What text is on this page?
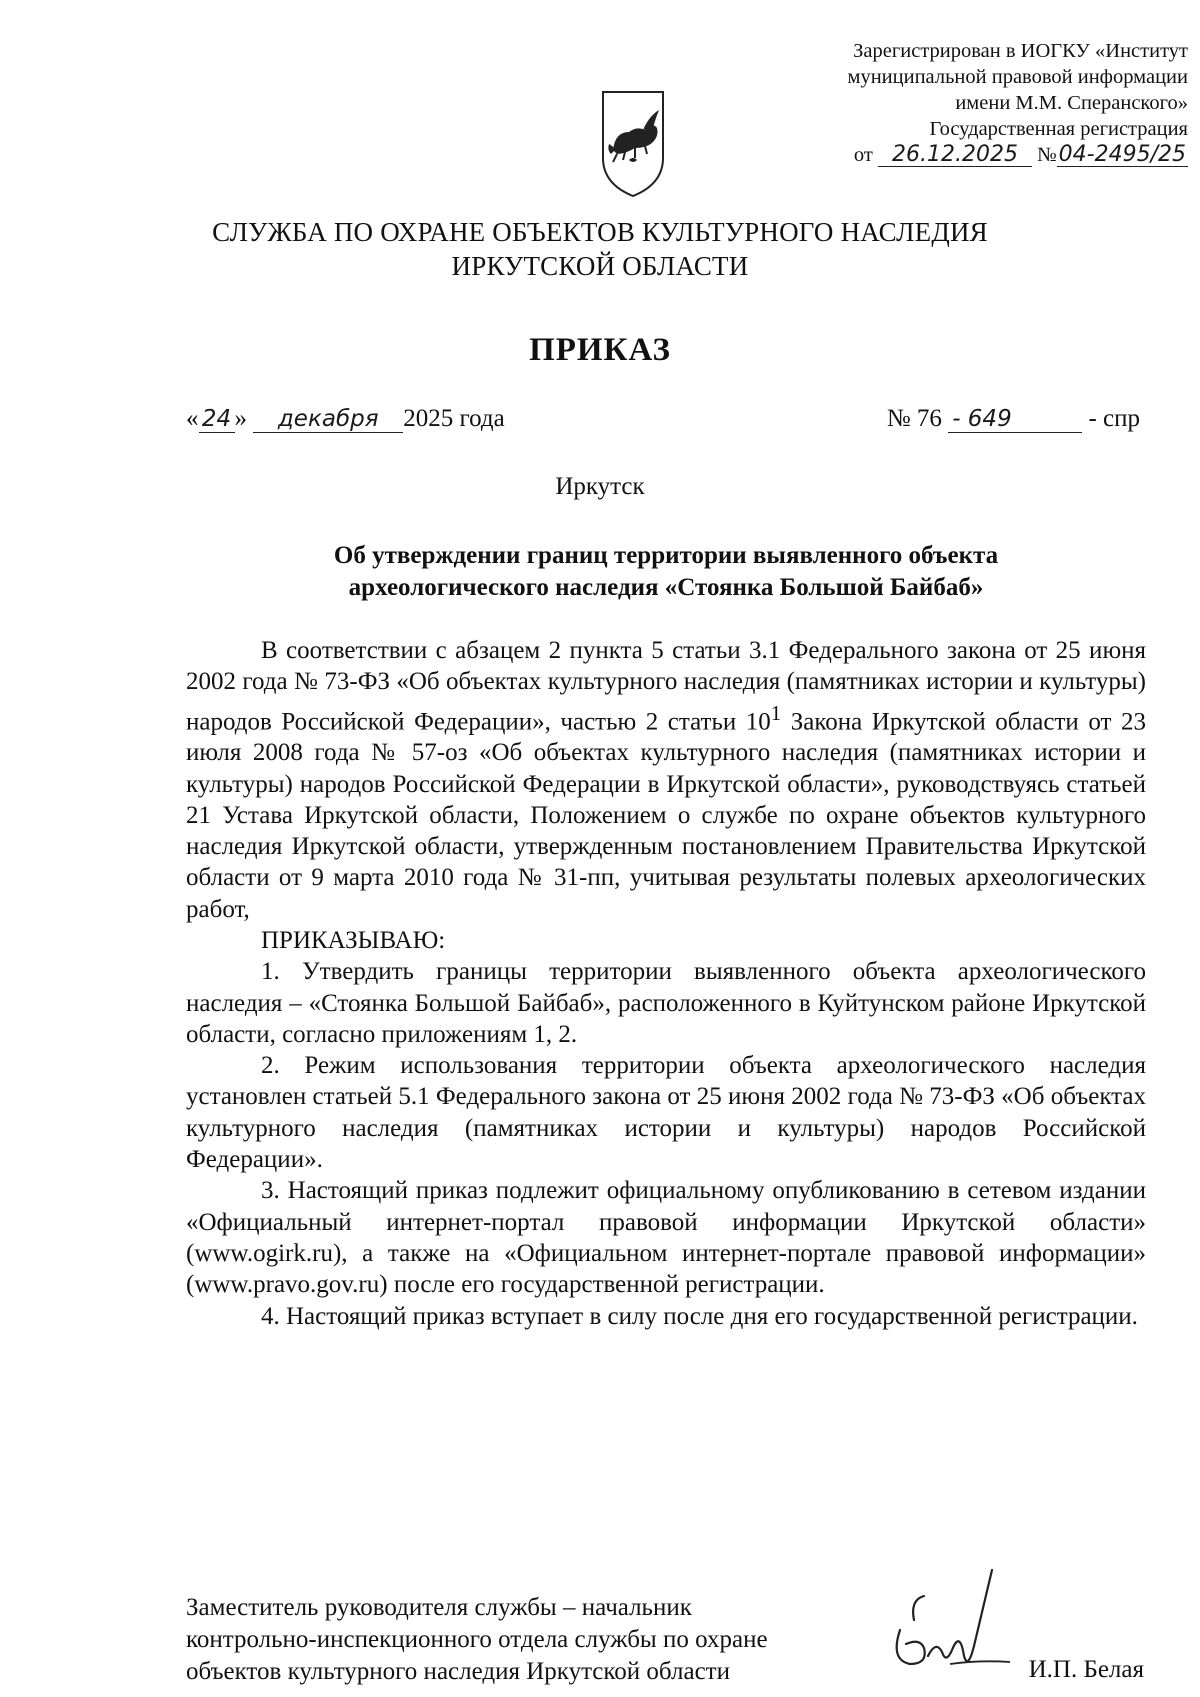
Зарегистрирован в ИОГКУ «Институт
муниципальной правовой информации
имени М.М. Сперанского»
Государственная регистрация
от 26.12.2025 №04-2495/25
СЛУЖБА ПО ОХРАНЕ ОБЪЕКТОВ КУЛЬТУРНОГО НАСЛЕДИЯ
ИРКУТСКОЙ ОБЛАСТИ
ПРИКАЗ
« 24 » декабря 2025 года	№ 76 - 649	- спр
Иркутск
Об утверждении границ территории выявленного объекта
археологического наследия «Стоянка Большой Байбаб»

В соответствии с абзацем 2 пункта 5 статьи 3.1 Федерального закона от 25 июня 2002 года № 73-ФЗ «Об объектах культурного наследия (памятниках истории и культуры) народов Российской Федерации», частью 2 статьи $10^1$ Закона Иркутской области от 23 июля 2008 года № 57-оз «Об объектах культурного наследия (памятниках истории и культуры) народов Российской Федерации в Иркутской области», руководствуясь статьей 21 Устава Иркутской области, Положением о службе по охране объектов культурного наследия Иркутской области, утвержденным постановлением Правительства Иркутской области от 9 марта 2010 года № 31-пп, учитывая результаты полевых археологических работ,

ПРИКАЗЫВАЮ:

1. Утвердить границы территории выявленного объекта археологического наследия – «Стоянка Большой Байбаб», расположенного в Куйтунском районе Иркутской области, согласно приложениям 1, 2.

2. Режим использования территории объекта археологического наследия установлен статьей 5.1 Федерального закона от 25 июня 2002 года № 73-ФЗ «Об объектах культурного наследия (памятниках истории и культуры) народов Российской Федерации».

3. Настоящий приказ подлежит официальному опубликованию в сетевом издании «Официальный интернет-портал правовой информации Иркутской области» (www.ogirk.ru), а также на «Официальном интернет-портале правовой информации» (www.pravo.gov.ru) после его государственной регистрации.

4. Настоящий приказ вступает в силу после дня его государственной регистрации.

Заместитель руководителя службы – начальник
контрольно-инспекционного отдела службы по охране
объектов культурного наследия Иркутской области	И.П. Белая
